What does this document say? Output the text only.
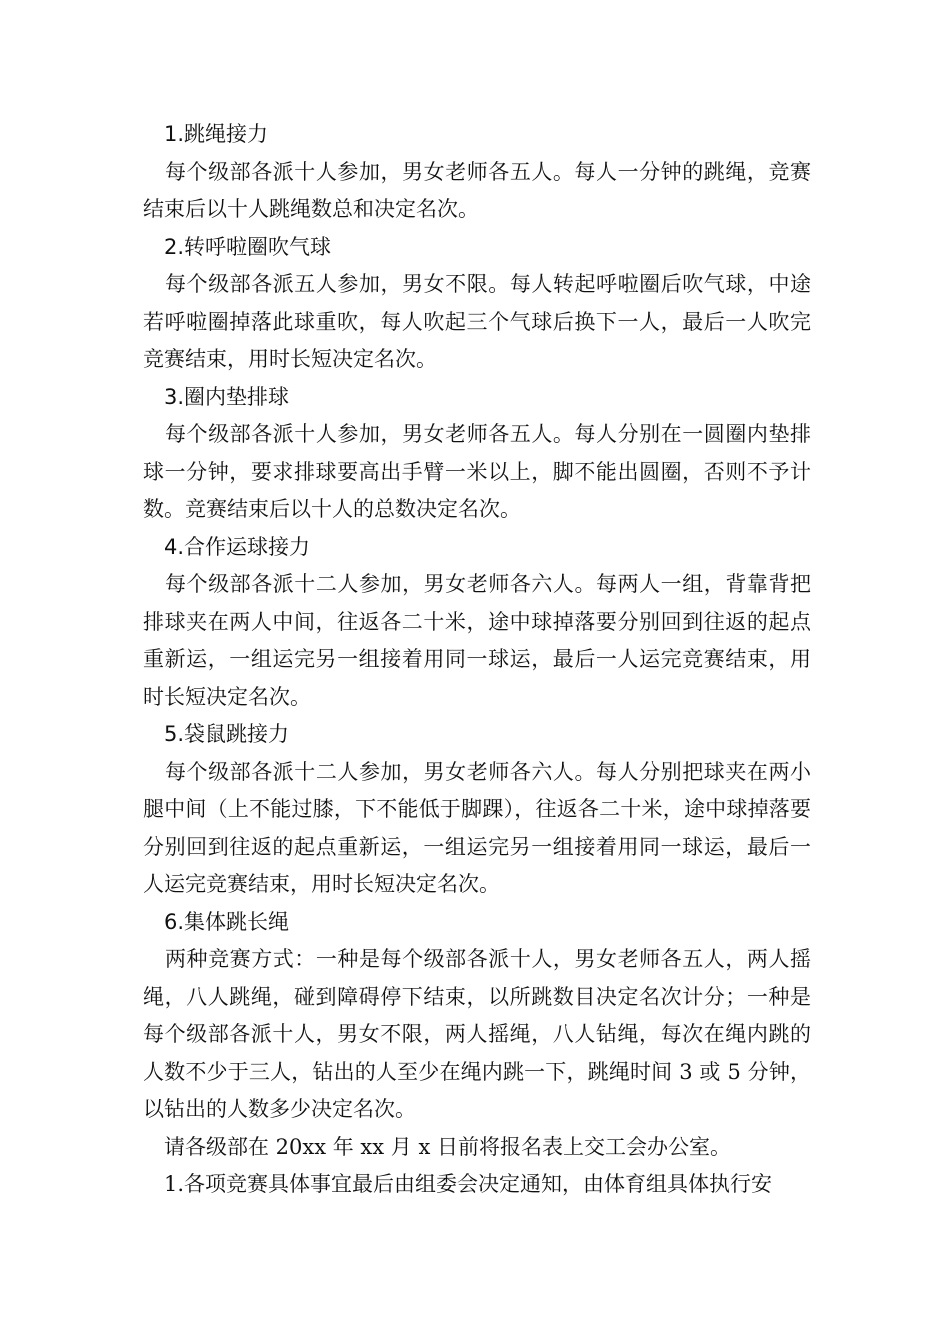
1.跳绳接力

每个级部各派十人参加，男女老师各五人。每人一分钟的跳绳，竞赛结束后以十人跳绳数总和决定名次。

2.转呼啦圈吹气球

每个级部各派五人参加，男女不限。每人转起呼啦圈后吹气球，中途若呼啦圈掉落此球重吹，每人吹起三个气球后换下一人，最后一人吹完竞赛结束，用时长短决定名次。

3.圈内垫排球

每个级部各派十人参加，男女老师各五人。每人分别在一圆圈内垫排球一分钟，要求排球要高出手臂一米以上，脚不能出圆圈，否则不予计数。竞赛结束后以十人的总数决定名次。

4.合作运球接力

每个级部各派十二人参加，男女老师各六人。每两人一组，背靠背把排球夹在两人中间，往返各二十米，途中球掉落要分别回到往返的起点重新运，一组运完另一组接着用同一球运，最后一人运完竞赛结束，用时长短决定名次。

5.袋鼠跳接力

每个级部各派十二人参加，男女老师各六人。每人分别把球夹在两小腿中间（上不能过膝，下不能低于脚踝），往返各二十米，途中球掉落要分别回到往返的起点重新运，一组运完另一组接着用同一球运，最后一人运完竞赛结束，用时长短决定名次。

6.集体跳长绳

两种竞赛方式：一种是每个级部各派十人，男女老师各五人，两人摇绳，八人跳绳，碰到障碍停下结束，以所跳数目决定名次计分；一种是每个级部各派十人，男女不限，两人摇绳，八人钻绳，每次在绳内跳的人数不少于三人，钻出的人至少在绳内跳一下，跳绳时间 3 或 5 分钟，以钻出的人数多少决定名次。

请各级部在 20xx 年 xx 月 x 日前将报名表上交工会办公室。

1.各项竞赛具体事宜最后由组委会决定通知，由体育组具体执行安
